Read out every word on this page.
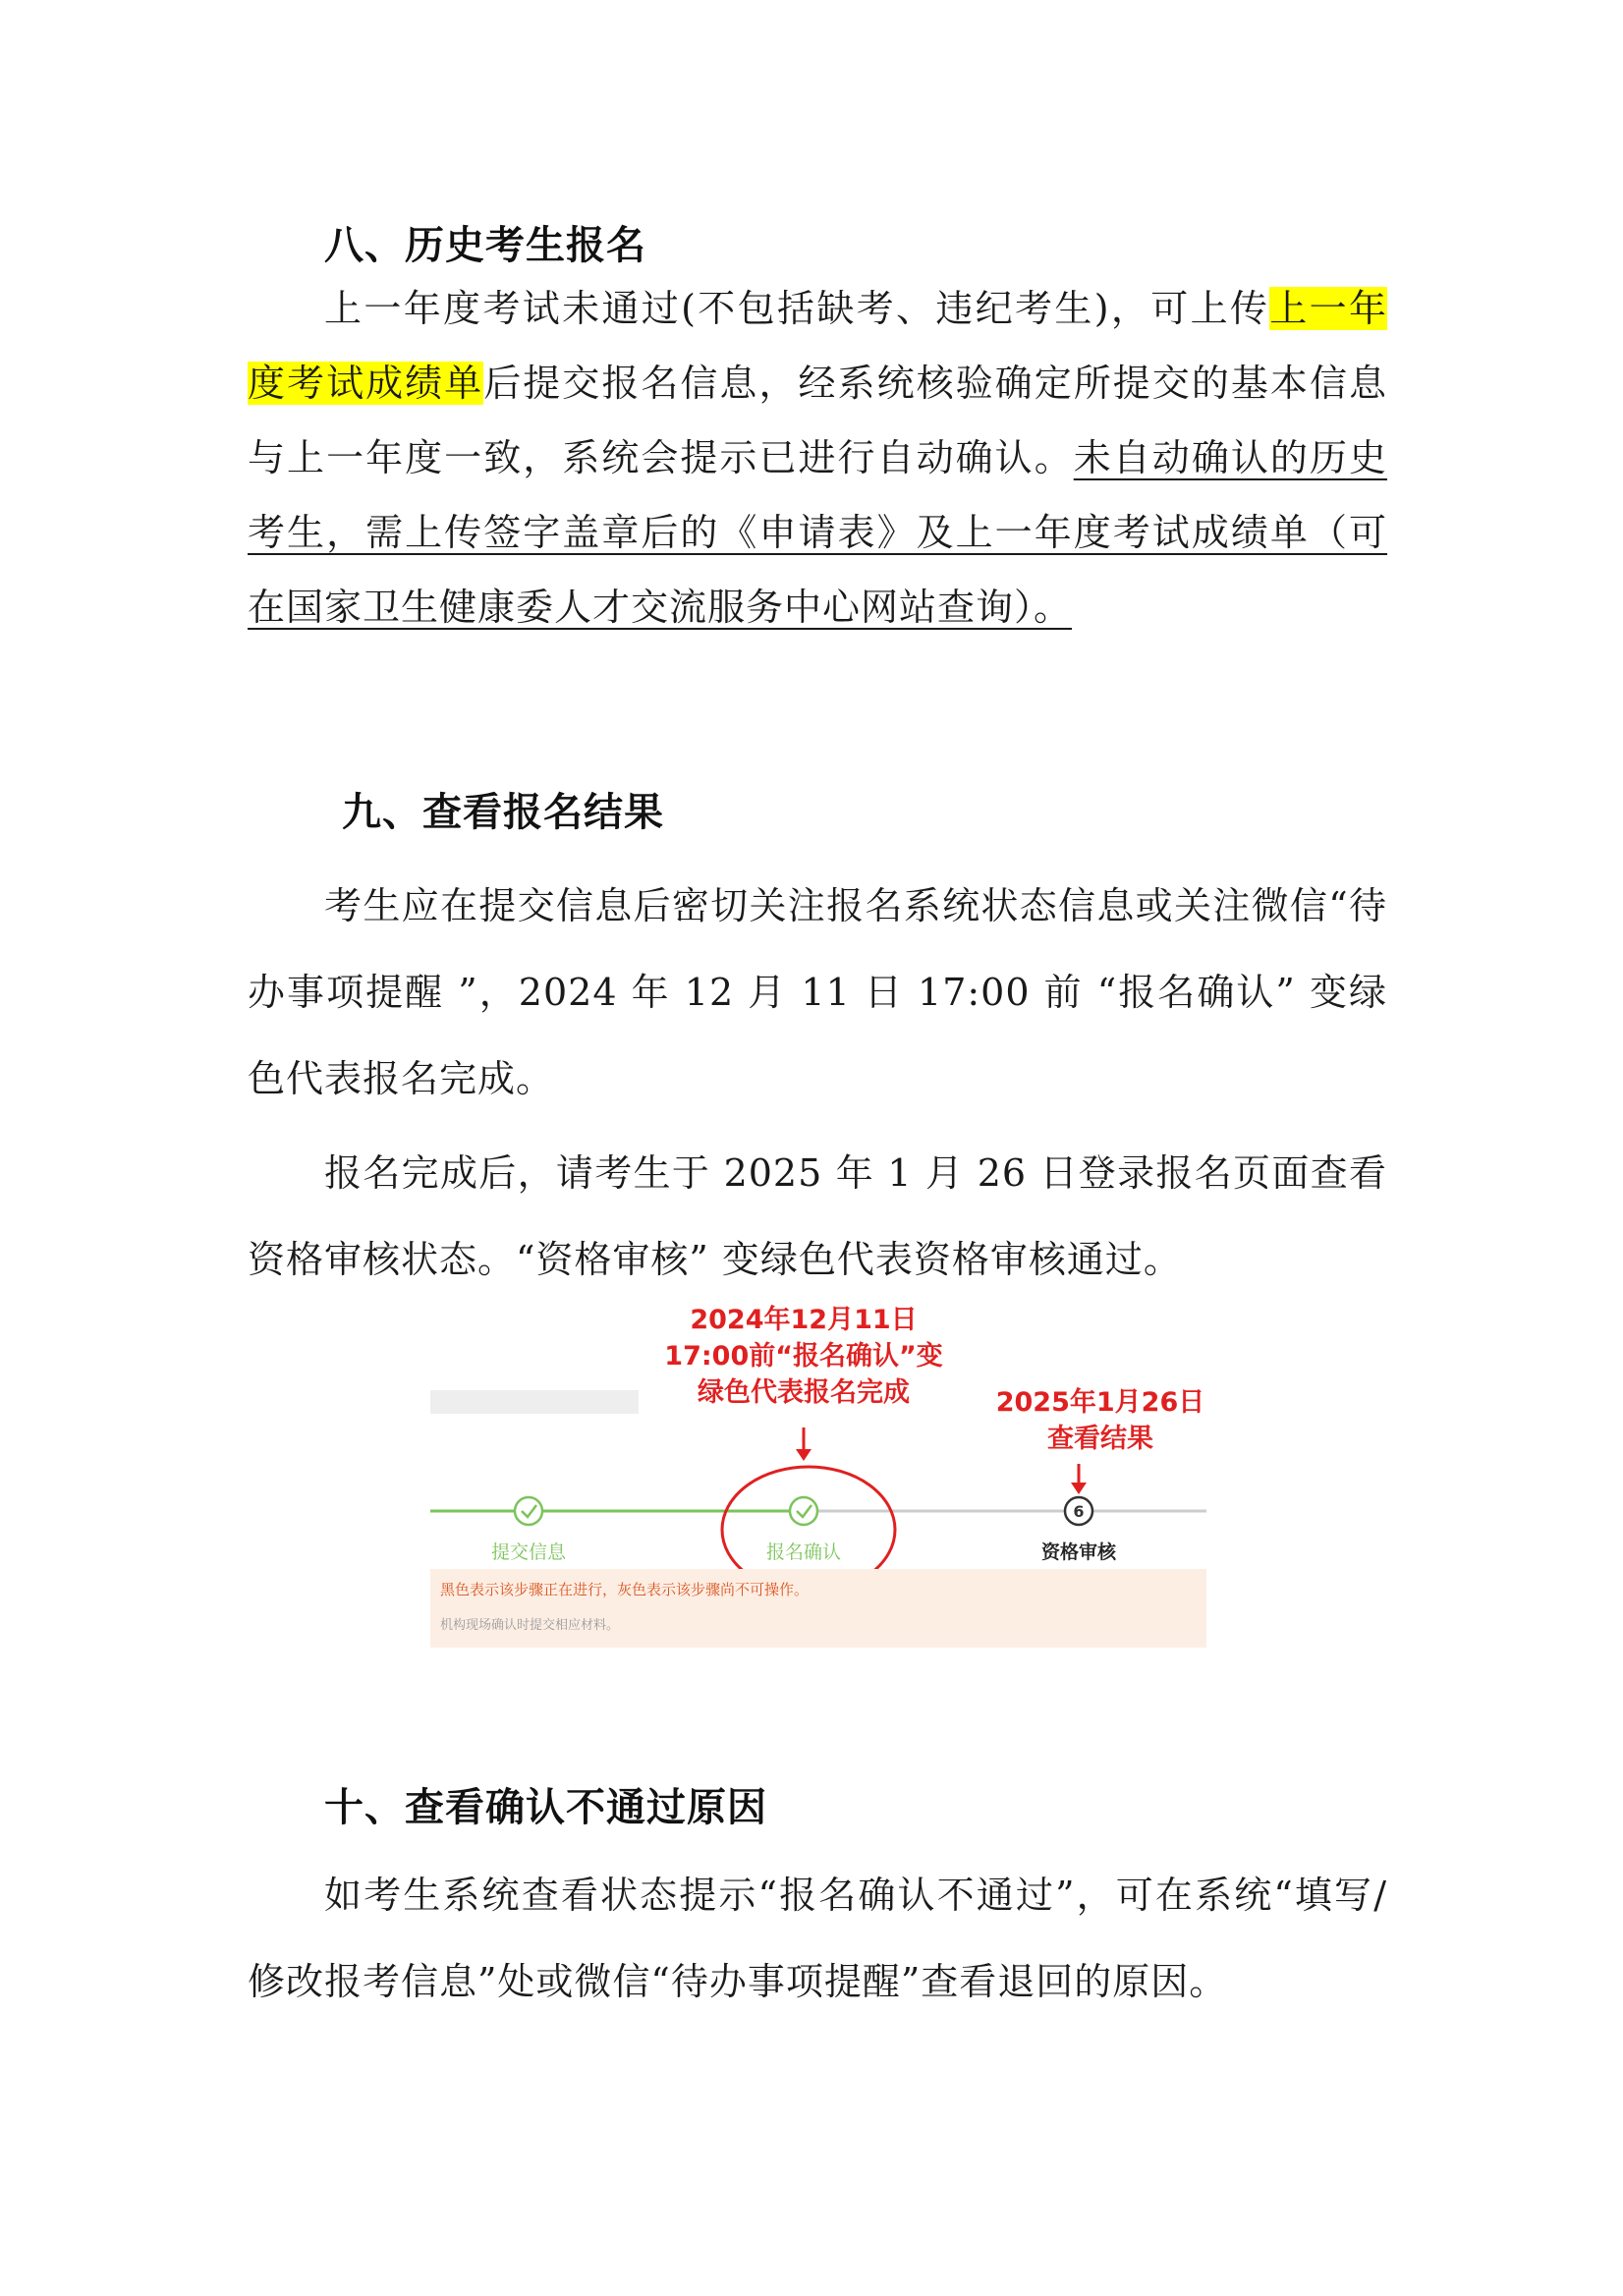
八、历史考生报名
上一年度考试未通过(不包括缺考、违纪考生)，可上传上一年度考试成绩单后提交报名信息，经系统核验确定所提交的基本信息与上一年度一致，系统会提示已进行自动确认。未自动确认的历史考生，需上传签字盖章后的《申请表》及上一年度考试成绩单（可在国家卫生健康委人才交流服务中心网站查询）。
九、查看报名结果
考生应在提交信息后密切关注报名系统状态信息或关注微信“待办事项提醒 ”，2024 年 12 月 11 日 17:00 前 “报名确认” 变绿色代表报名完成。
报名完成后，请考生于 2025 年 1 月 26 日登录报名页面查看资格审核状态。“资格审核” 变绿色代表资格审核通过。
2024年12月11日
17:00前“报名确认”变
绿色代表报名完成	2025年1月26日
查看结果
6
提交信息	报名确认	资格审核
黑色表示该步骤正在进行，灰色表示该步骤尚不可操作。
机构现场确认时提交相应材料。
十、查看确认不通过原因
如考生系统查看状态提示“报名确认不通过”，可在系统“填写/修改报考信息”处或微信“待办事项提醒”查看退回的原因。
